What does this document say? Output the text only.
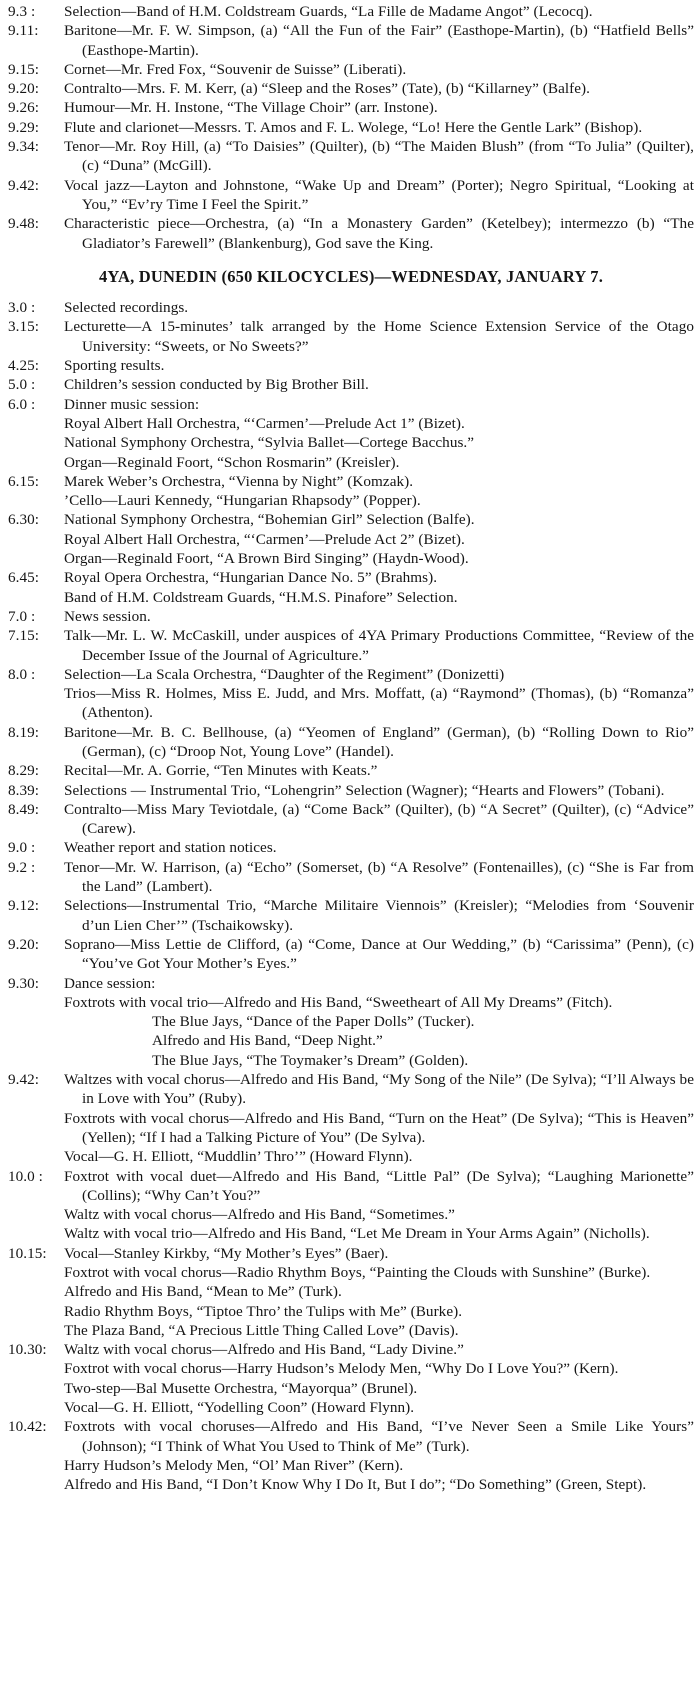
9.3 :	Selection—Band of H.M. Coldstream Guards, “La Fille de Madame Angot” (Lecocq).
9.11:	Baritone—Mr. F. W. Simpson, (a) “All the Fun of the Fair” (Easthope-Martin), (b) “Hatfield Bells” (Easthope-Martin).
9.15:	Cornet—Mr. Fred Fox, “Souvenir de Suisse” (Liberati).
9.20:	Contralto—Mrs. F. M. Kerr, (a) “Sleep and the Roses” (Tate), (b) “Killarney” (Balfe).
9.26:	Humour—Mr. H. Instone, “The Village Choir” (arr. Instone).
9.29:	Flute and clarionet—Messrs. T. Amos and F. L. Wolege, “Lo! Here the Gentle Lark” (Bishop).
9.34:	Tenor—Mr. Roy Hill, (a) “To Daisies” (Quilter), (b) “The Maiden Blush” (from “To Julia” (Quilter), (c) “Duna” (McGill).
9.42:	Vocal jazz—Layton and Johnstone, “Wake Up and Dream” (Porter); Negro Spiritual, “Looking at You,” “Ev’ry Time I Feel the Spirit.”
9.48:	Characteristic piece—Orchestra, (a) “In a Monastery Garden” (Ketelbey); intermezzo (b) “The Gladiator’s Farewell” (Blankenburg), God save the King.
4YA, DUNEDIN (650 KILOCYCLES)—WEDNESDAY, JANUARY 7.
3.0 :	Selected recordings.
3.15:	Lecturette—A 15-minutes’ talk arranged by the Home Science Extension Service of the Otago University: “Sweets, or No Sweets?”
4.25:	Sporting results.
5.0 :	Children’s session conducted by Big Brother Bill.
6.0 :	Dinner music session:
Royal Albert Hall Orchestra, “‘Carmen’—Prelude Act 1” (Bizet).
National Symphony Orchestra, “Sylvia Ballet—Cortege Bacchus.”
Organ—Reginald Foort, “Schon Rosmarin” (Kreisler).
6.15:	Marek Weber’s Orchestra, “Vienna by Night” (Komzak).
’Cello—Lauri Kennedy, “Hungarian Rhapsody” (Popper).
6.30:	National Symphony Orchestra, “Bohemian Girl” Selection (Balfe).
Royal Albert Hall Orchestra, “‘Carmen’—Prelude Act 2” (Bizet).
Organ—Reginald Foort, “A Brown Bird Singing” (Haydn-Wood).
6.45:	Royal Opera Orchestra, “Hungarian Dance No. 5” (Brahms).
Band of H.M. Coldstream Guards, “H.M.S. Pinafore” Selection.
7.0 :	News session.
7.15:	Talk—Mr. L. W. McCaskill, under auspices of 4YA Primary Productions Committee, “Review of the December Issue of the Journal of Agriculture.”
8.0 :	Selection—La Scala Orchestra, “Daughter of the Regiment” (Donizetti)
Trios—Miss R. Holmes, Miss E. Judd, and Mrs. Moffatt, (a) “Raymond” (Thomas), (b) “Romanza” (Athenton).
8.19:	Baritone—Mr. B. C. Bellhouse, (a) “Yeomen of England” (German), (b) “Rolling Down to Rio” (German), (c) “Droop Not, Young Love” (Handel).
8.29:	Recital—Mr. A. Gorrie, “Ten Minutes with Keats.”
8.39:	Selections — Instrumental Trio, “Lohengrin” Selection (Wagner); “Hearts and Flowers” (Tobani).
8.49:	Contralto—Miss Mary Teviotdale, (a) “Come Back” (Quilter), (b) “A Secret” (Quilter), (c) “Advice” (Carew).
9.0 :	Weather report and station notices.
9.2 :	Tenor—Mr. W. Harrison, (a) “Echo” (Somerset, (b) “A Resolve” (Fontenailles), (c) “She is Far from the Land” (Lambert).
9.12:	Selections—Instrumental Trio, “Marche Militaire Viennois” (Kreisler); “Melodies from ‘Souvenir d’un Lien Cher’” (Tschaikowsky).
9.20:	Soprano—Miss Lettie de Clifford, (a) “Come, Dance at Our Wedding,” (b) “Carissima” (Penn), (c) “You’ve Got Your Mother’s Eyes.”
9.30:	Dance session:
Foxtrots with vocal trio—Alfredo and His Band, “Sweetheart of All My Dreams” (Fitch).
The Blue Jays, “Dance of the Paper Dolls” (Tucker).
Alfredo and His Band, “Deep Night.”
The Blue Jays, “The Toymaker’s Dream” (Golden).
9.42:	Waltzes with vocal chorus—Alfredo and His Band, “My Song of the Nile” (De Sylva); “I’ll Always be in Love with You” (Ruby).
Foxtrots with vocal chorus—Alfredo and His Band, “Turn on the Heat” (De Sylva); “This is Heaven” (Yellen); “If I had a Talking Picture of You” (De Sylva).
Vocal—G. H. Elliott, “Muddlin’ Thro’” (Howard Flynn).
10.0 :	Foxtrot with vocal duet—Alfredo and His Band, “Little Pal” (De Sylva); “Laughing Marionette” (Collins); “Why Can’t You?”
Waltz with vocal chorus—Alfredo and His Band, “Sometimes.”
Waltz with vocal trio—Alfredo and His Band, “Let Me Dream in Your Arms Again” (Nicholls).
10.15:	Vocal—Stanley Kirkby, “My Mother’s Eyes” (Baer).
Foxtrot with vocal chorus—Radio Rhythm Boys, “Painting the Clouds with Sunshine” (Burke).
Alfredo and His Band, “Mean to Me” (Turk).
Radio Rhythm Boys, “Tiptoe Thro’ the Tulips with Me” (Burke).
The Plaza Band, “A Precious Little Thing Called Love” (Davis).
10.30:	Waltz with vocal chorus—Alfredo and His Band, “Lady Divine.”
Foxtrot with vocal chorus—Harry Hudson’s Melody Men, “Why Do I Love You?” (Kern).
Two-step—Bal Musette Orchestra, “Mayorqua” (Brunel).
Vocal—G. H. Elliott, “Yodelling Coon” (Howard Flynn).
10.42:	Foxtrots with vocal choruses—Alfredo and His Band, “I’ve Never Seen a Smile Like Yours” (Johnson); “I Think of What You Used to Think of Me” (Turk).
Harry Hudson’s Melody Men, “Ol’ Man River” (Kern).
Alfredo and His Band, “I Don’t Know Why I Do It, But I do”; “Do Something” (Green, Stept).
